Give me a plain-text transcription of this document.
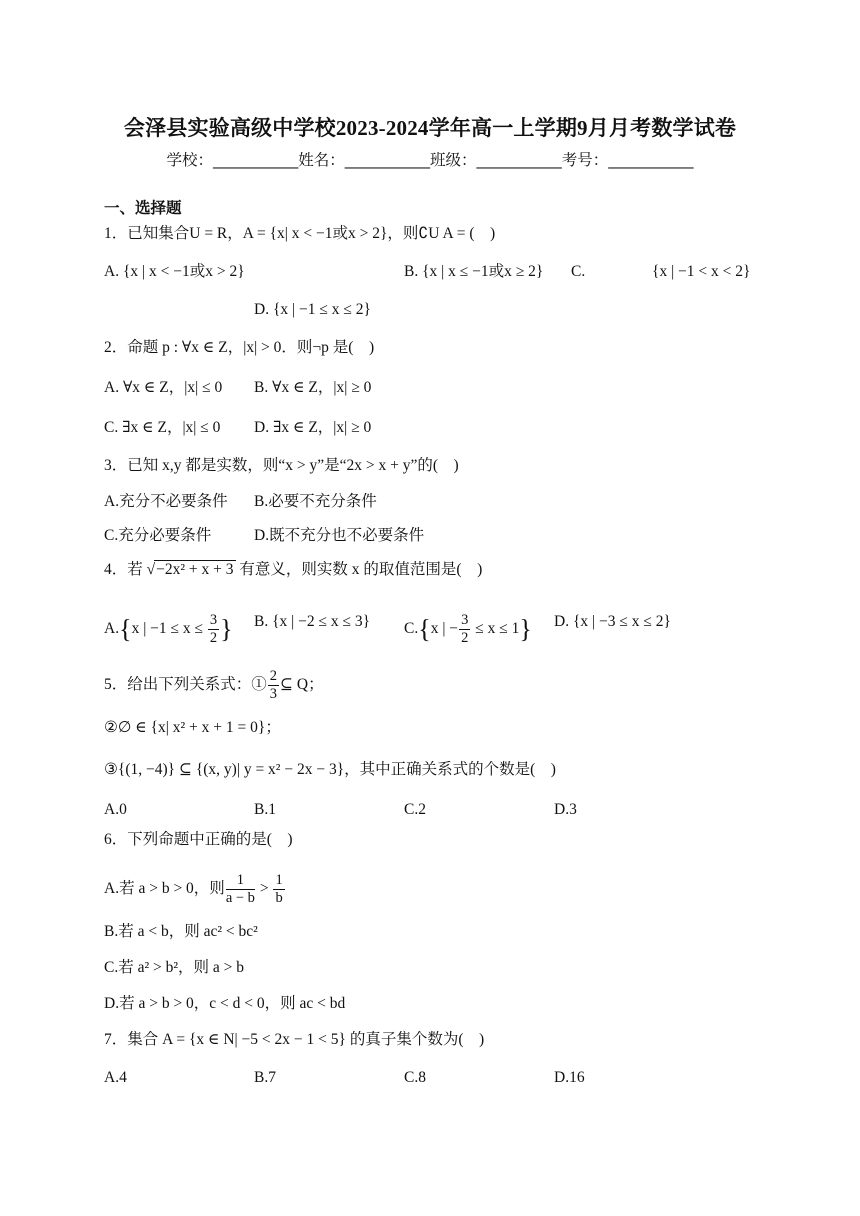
会泽县实验高级中学校2023-2024学年高一上学期9月月考数学试卷
学校：___________姓名：___________班级：___________考号：___________
一、选择题
1．已知集合U = R，A = {x| x < −1或x > 2}，则∁U A = (　)
A. {x | x < −1或x > 2}	B. {x | x ≤ −1或x ≥ 2} C.	{x | −1 < x < 2}
D. {x | −1 ≤ x ≤ 2}
2．命题 p : ∀x ∈ Z，|x| > 0．则¬p 是(　)
A. ∀x ∈ Z，|x| ≤ 0 B. ∀x ∈ Z，|x| ≥ 0
C. ∃x ∈ Z，|x| ≤ 0 D. ∃x ∈ Z，|x| ≥ 0
3．已知 x,y 都是实数，则“x > y”是“2x > x + y”的(　)
A.充分不必要条件 B.必要不充分条件
C.充分必要条件	D.既不充分也不必要条件
4．若 √−2x² + x + 3 有意义，则实数 x 的取值范围是(　)
A.{x | $-1 \le x \le \frac{3}{2}$ } B. {x | −2 ≤ x ≤ 3} C.{x | − $\frac{3}{2} \le x \le 1$} D. {x | −3 ≤ x ≤ 2}
5．给出下列关系式：① $\frac{2}{3}$ ⊆ Q；
②∅ ∈ {x| x² + x + 1 = 0}；
③{(1, −4)} ⊆ {(x, y)| y = x² − 2x − 3}，其中正确关系式的个数是(　)
A.0	B.1	C.2	D.3
6．下列命题中正确的是(　)
A.若 a > b > 0，则 $\frac{1}{a - b} > \frac{1}{b}$
B.若 a < b，则 ac² < bc²
C.若 a² > b²，则 a > b
D.若 a > b > 0，c < d < 0，则 ac < bd
7．集合 A = {x ∈ N| −5 < 2x − 1 < 5} 的真子集个数为(　)
A.4	B.7	C.8	D.16
